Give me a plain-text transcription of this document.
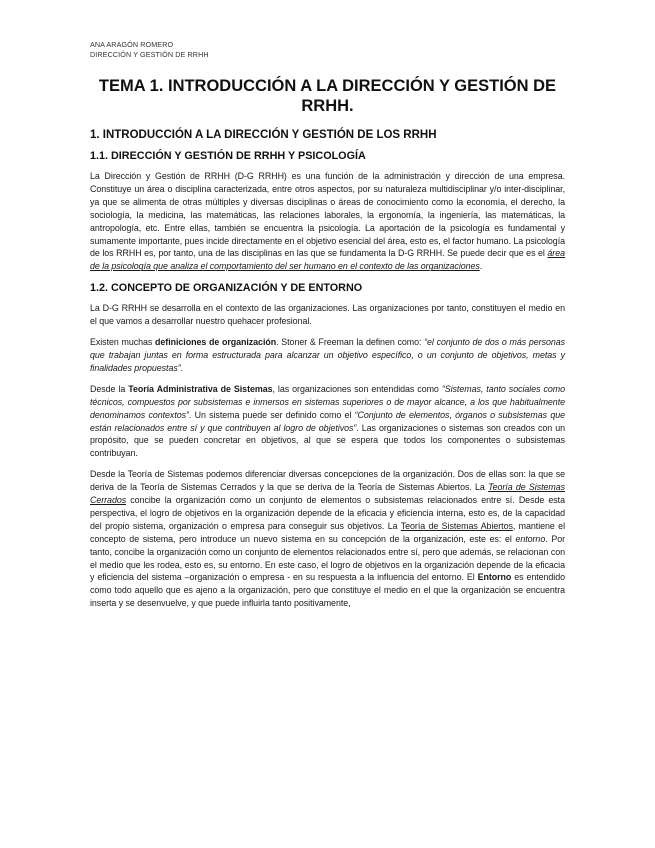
ANA ARAGÓN ROMERO
DIRECCIÓN Y GESTIÓN DE RRHH
TEMA 1. INTRODUCCIÓN A LA DIRECCIÓN Y GESTIÓN DE RRHH.
1. INTRODUCCIÓN A LA DIRECCIÓN Y GESTIÓN DE LOS RRHH
1.1. DIRECCIÓN Y GESTIÓN DE RRHH Y PSICOLOGÍA

La Dirección y Gestión de RRHH (D-G RRHH) es una función de la administración y dirección de una empresa. Constituye un área o disciplina caracterizada, entre otros aspectos, por su naturaleza multidisciplinar y/o inter-disciplinar, ya que se alimenta de otras múltiples y diversas disciplinas o áreas de conocimiento como la economía, el derecho, la sociología, la medicina, las matemáticas, las relaciones laborales, la ergonomía, la ingeniería, las matemáticas, la antropología, etc. Entre ellas, también se encuentra la psicología. La aportación de la psicología es fundamental y sumamente importante, pues incide directamente en el objetivo esencial del área, esto es, el factor humano. La psicología de los RRHH es, por tanto, una de las disciplinas en las que se fundamenta la D-G RRHH. Se puede decir que es el área de la psicología que analiza el comportamiento del ser humano en el contexto de las organizaciones.

1.2. CONCEPTO DE ORGANIZACIÓN Y DE ENTORNO

La D-G RRHH se desarrolla en el contexto de las organizaciones. Las organizaciones por tanto, constituyen el medio en el que vamos a desarrollar nuestro quehacer profesional.

Existen muchas definiciones de organización. Stoner & Freeman la definen como: “el conjunto de dos o más personas que trabajan juntas en forma estructurada para alcanzar un objetivo específico, o un conjunto de objetivos, metas y finalidades propuestas”.

Desde la Teoría Administrativa de Sistemas, las organizaciones son entendidas como “Sistemas, tanto sociales como técnicos, compuestos por subsistemas e inmersos en sistemas superiores o de mayor alcance, a los que habitualmente denominamos contextos”. Un sistema puede ser definido como el “Conjunto de elementos, órganos o subsistemas que están relacionados entre sí y que contribuyen al logro de objetivos”. Las organizaciones o sistemas son creados con un propósito, que se pueden concretar en objetivos, al que se espera que todos los componentes o subsistemas contribuyan.

Desde la Teoría de Sistemas podemos diferenciar diversas concepciones de la organización. Dos de ellas son: la que se deriva de la Teoría de Sistemas Cerrados y la que se deriva de la Teoría de Sistemas Abiertos. La Teoría de Sistemas Cerrados concibe la organización como un conjunto de elementos o subsistemas relacionados entre sí. Desde esta perspectiva, el logro de objetivos en la organización depende de la eficacia y eficiencia interna, esto es, de la capacidad del propio sistema, organización o empresa para conseguir sus objetivos. La Teoría de Sistemas Abiertos, mantiene el concepto de sistema, pero introduce un nuevo sistema en su concepción de la organización, este es: el entorno. Por tanto, concibe la organización como un conjunto de elementos relacionados entre sí, pero que además, se relacionan con el medio que les rodea, esto es, su entorno. En este caso, el logro de objetivos en la organización depende de la eficacia y eficiencia del sistema –organización o empresa - en su respuesta a la influencia del entorno. El Entorno es entendido como todo aquello que es ajeno a la organización, pero que constituye el medio en el que la organización se encuentra inserta y se desenvuelve, y que puede influirla tanto positivamente,
